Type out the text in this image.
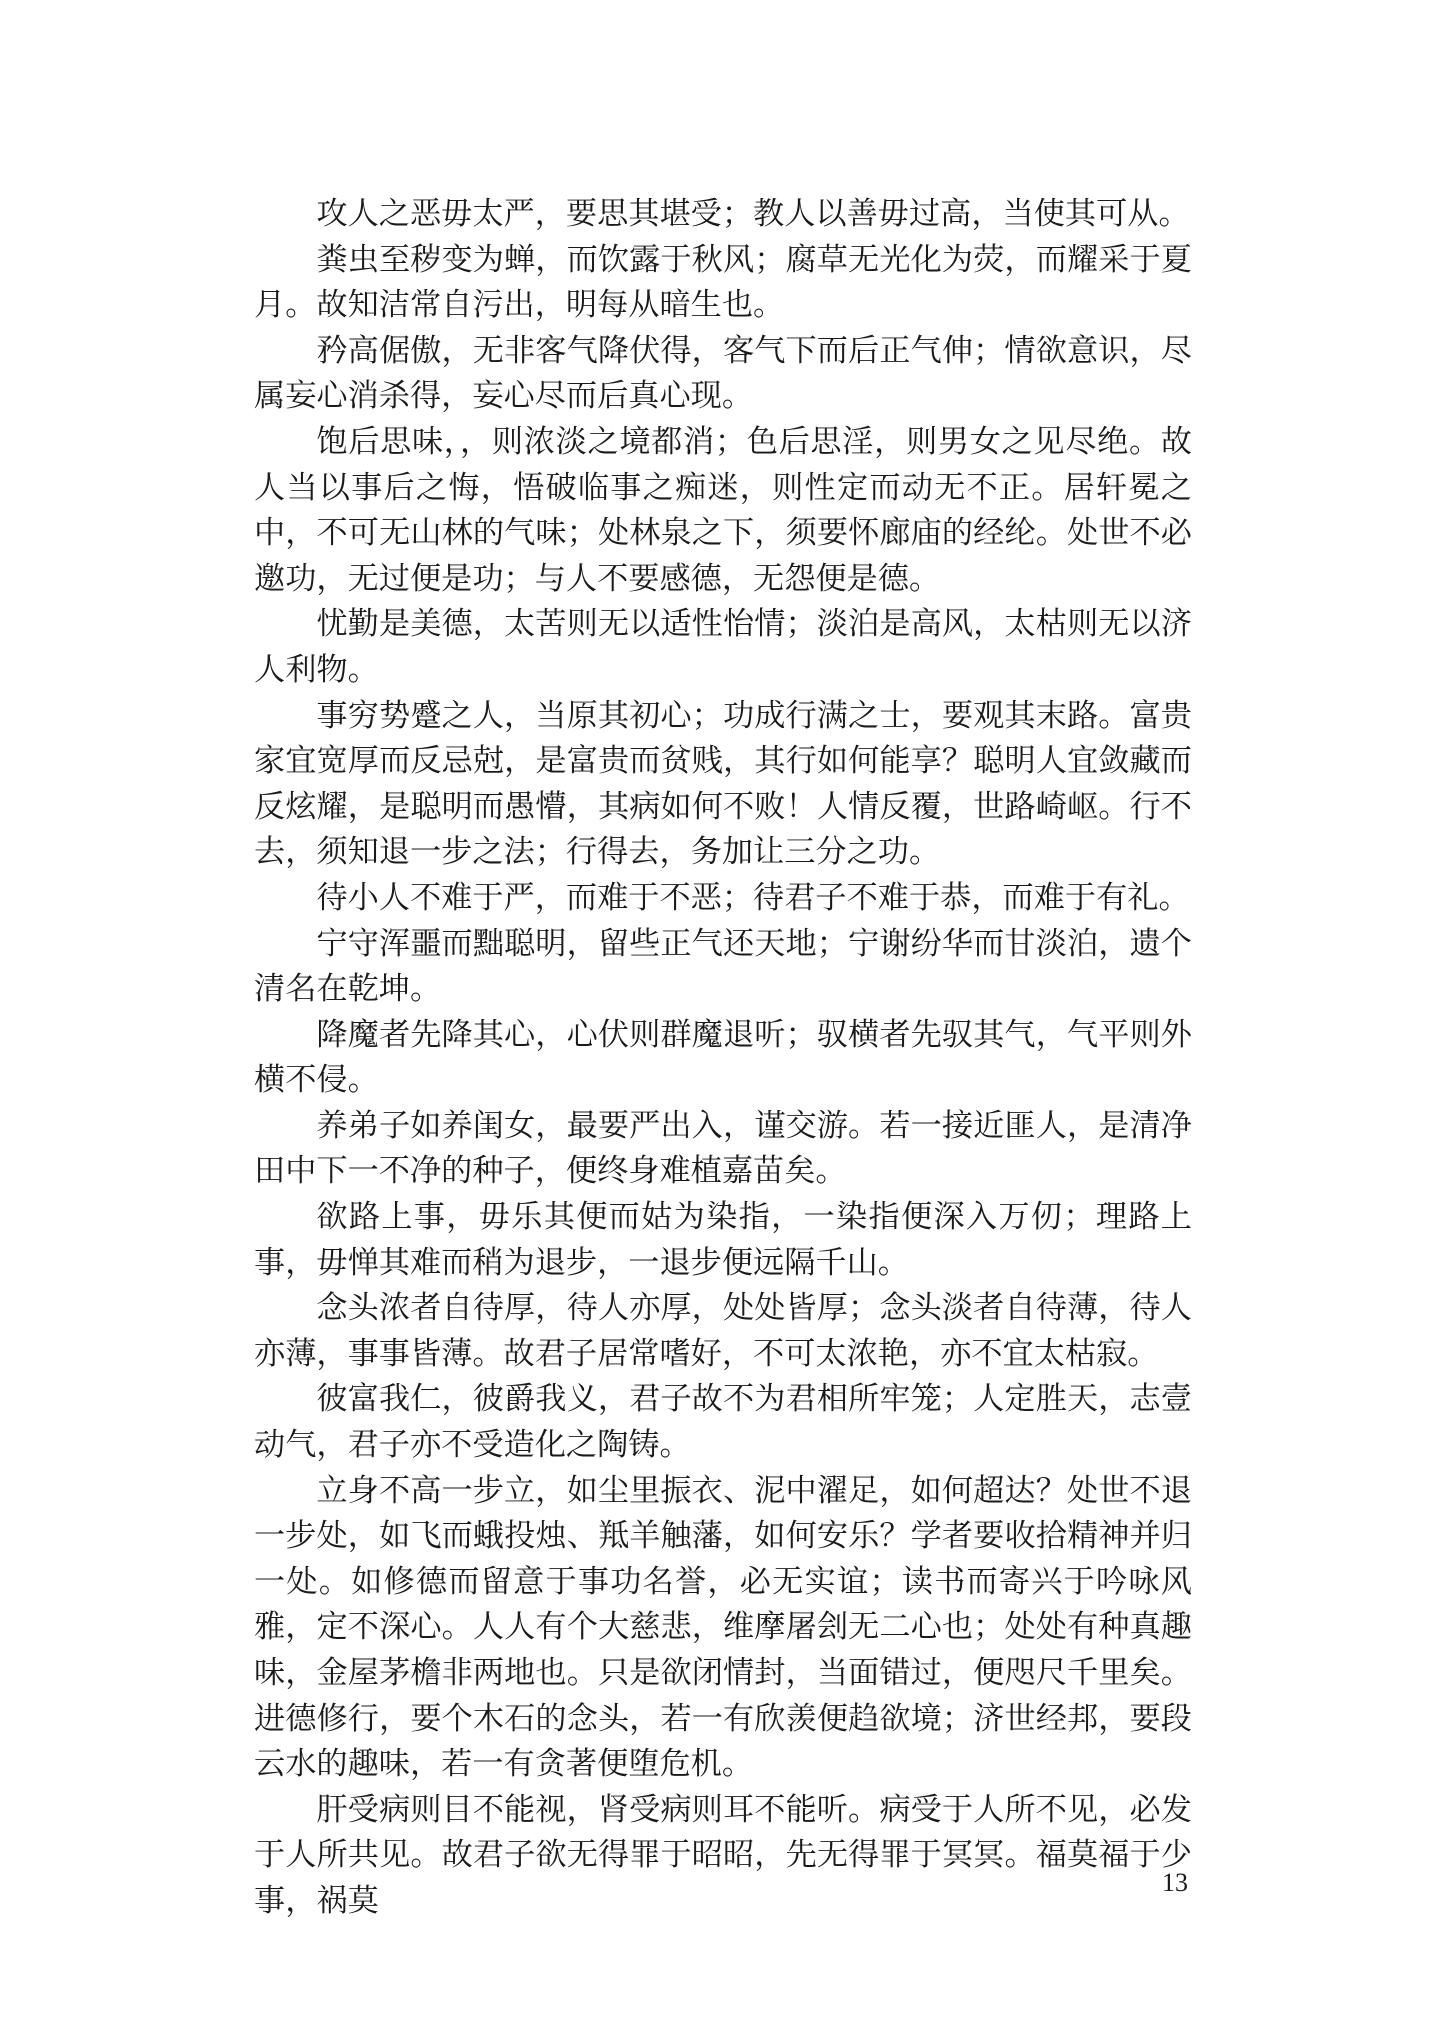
攻人之恶毋太严，要思其堪受；教人以善毋过高，当使其可从。

粪虫至秽变为蝉，而饮露于秋风；腐草无光化为荧，而耀采于夏月。故知洁常自污出，明每从暗生也。

矜高倨傲，无非客气降伏得，客气下而后正气伸；情欲意识，尽属妄心消杀得，妄心尽而后真心现。

饱后思味，，则浓淡之境都消；色后思淫，则男女之见尽绝。故人当以事后之悔，悟破临事之痴迷，则性定而动无不正。居轩冕之中，不可无山林的气味；处林泉之下，须要怀廊庙的经纶。处世不必邀功，无过便是功；与人不要感德，无怨便是德。

忧勤是美德，太苦则无以适性怡情；淡泊是高风，太枯则无以济人利物。

事穷势蹙之人，当原其初心；功成行满之士，要观其末路。富贵家宜宽厚而反忌尅，是富贵而贫贱，其行如何能享？聪明人宜敛藏而反炫耀，是聪明而愚懵，其病如何不败！人情反覆，世路崎岖。行不去，须知退一步之法；行得去，务加让三分之功。

待小人不难于严，而难于不恶；待君子不难于恭，而难于有礼。

宁守浑噩而黜聪明，留些正气还天地；宁谢纷华而甘淡泊，遗个清名在乾坤。

降魔者先降其心，心伏则群魔退听；驭横者先驭其气，气平则外横不侵。

养弟子如养闺女，最要严出入，谨交游。若一接近匪人，是清净田中下一不净的种子，便终身难植嘉苗矣。

欲路上事，毋乐其便而姑为染指，一染指便深入万仞；理路上事，毋惮其难而稍为退步，一退步便远隔千山。

念头浓者自待厚，待人亦厚，处处皆厚；念头淡者自待薄，待人亦薄，事事皆薄。故君子居常嗜好，不可太浓艳，亦不宜太枯寂。

彼富我仁，彼爵我义，君子故不为君相所牢笼；人定胜天，志壹动气，君子亦不受造化之陶铸。

立身不高一步立，如尘里振衣、泥中濯足，如何超达？处世不退一步处，如飞而蛾投烛、羝羊触藩，如何安乐？学者要收拾精神并归一处。如修德而留意于事功名誉，必无实谊；读书而寄兴于吟咏风雅，定不深心。人人有个大慈悲，维摩屠刽无二心也；处处有种真趣味，金屋茅檐非两地也。只是欲闭情封，当面错过，便咫尺千里矣。进德修行，要个木石的念头，若一有欣羡便趋欲境；济世经邦，要段云水的趣味，若一有贪著便堕危机。

肝受病则目不能视，肾受病则耳不能听。病受于人所不见，必发于人所共见。故君子欲无得罪于昭昭，先无得罪于冥冥。福莫福于少事，祸莫

13
